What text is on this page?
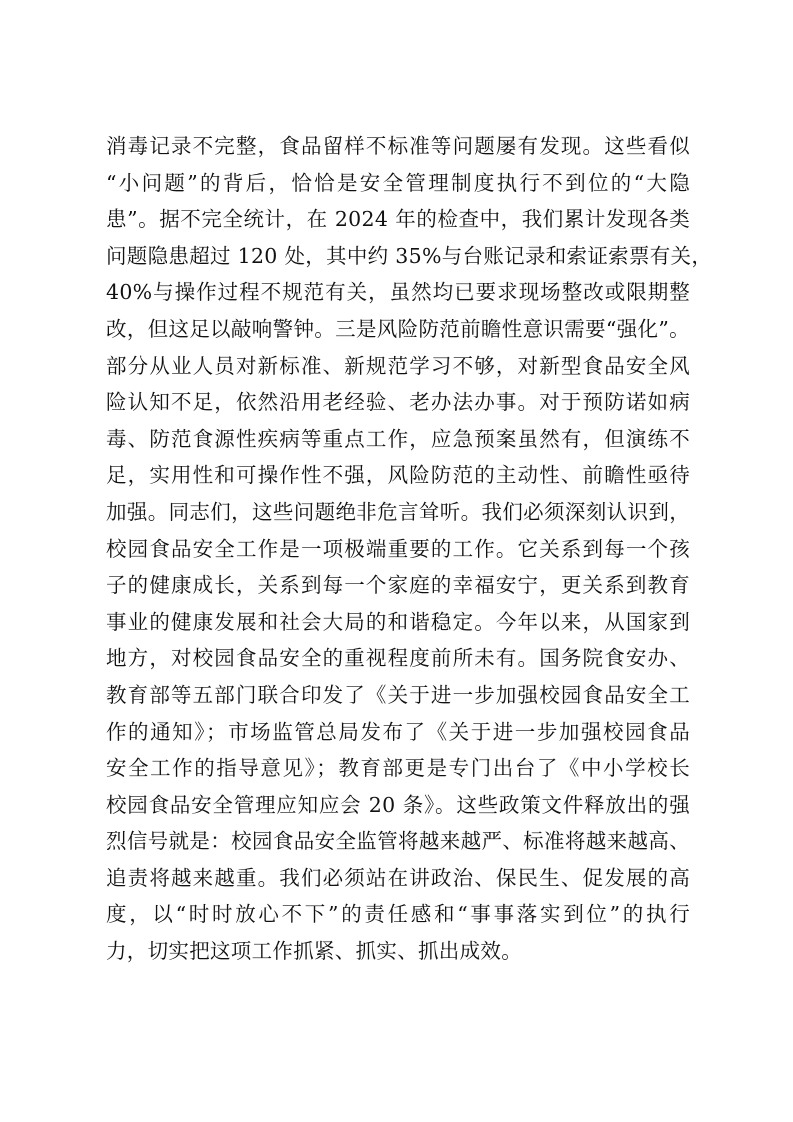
消毒记录不完整，食品留样不标准等问题屡有发现。这些看似
“小问题”的背后，恰恰是安全管理制度执行不到位的“大隐
患”。据不完全统计，在 2024 年的检查中，我们累计发现各类
问题隐患超过 120 处，其中约 35%与台账记录和索证索票有关，
40%与操作过程不规范有关，虽然均已要求现场整改或限期整
改，但这足以敲响警钟。三是风险防范前瞻性意识需要“强化”。
部分从业人员对新标准、新规范学习不够，对新型食品安全风
险认知不足，依然沿用老经验、老办法办事。对于预防诺如病
毒、防范食源性疾病等重点工作，应急预案虽然有，但演练不
足，实用性和可操作性不强，风险防范的主动性、前瞻性亟待
加强。同志们，这些问题绝非危言耸听。我们必须深刻认识到，
校园食品安全工作是一项极端重要的工作。它关系到每一个孩
子的健康成长，关系到每一个家庭的幸福安宁，更关系到教育
事业的健康发展和社会大局的和谐稳定。今年以来，从国家到
地方，对校园食品安全的重视程度前所未有。国务院食安办、
教育部等五部门联合印发了《关于进一步加强校园食品安全工
作的通知》；市场监管总局发布了《关于进一步加强校园食品
安全工作的指导意见》；教育部更是专门出台了《中小学校长
校园食品安全管理应知应会 20 条》。这些政策文件释放出的强
烈信号就是：校园食品安全监管将越来越严、标准将越来越高、
追责将越来越重。我们必须站在讲政治、保民生、促发展的高
度，以“时时放心不下”的责任感和“事事落实到位”的执行
力，切实把这项工作抓紧、抓实、抓出成效。
